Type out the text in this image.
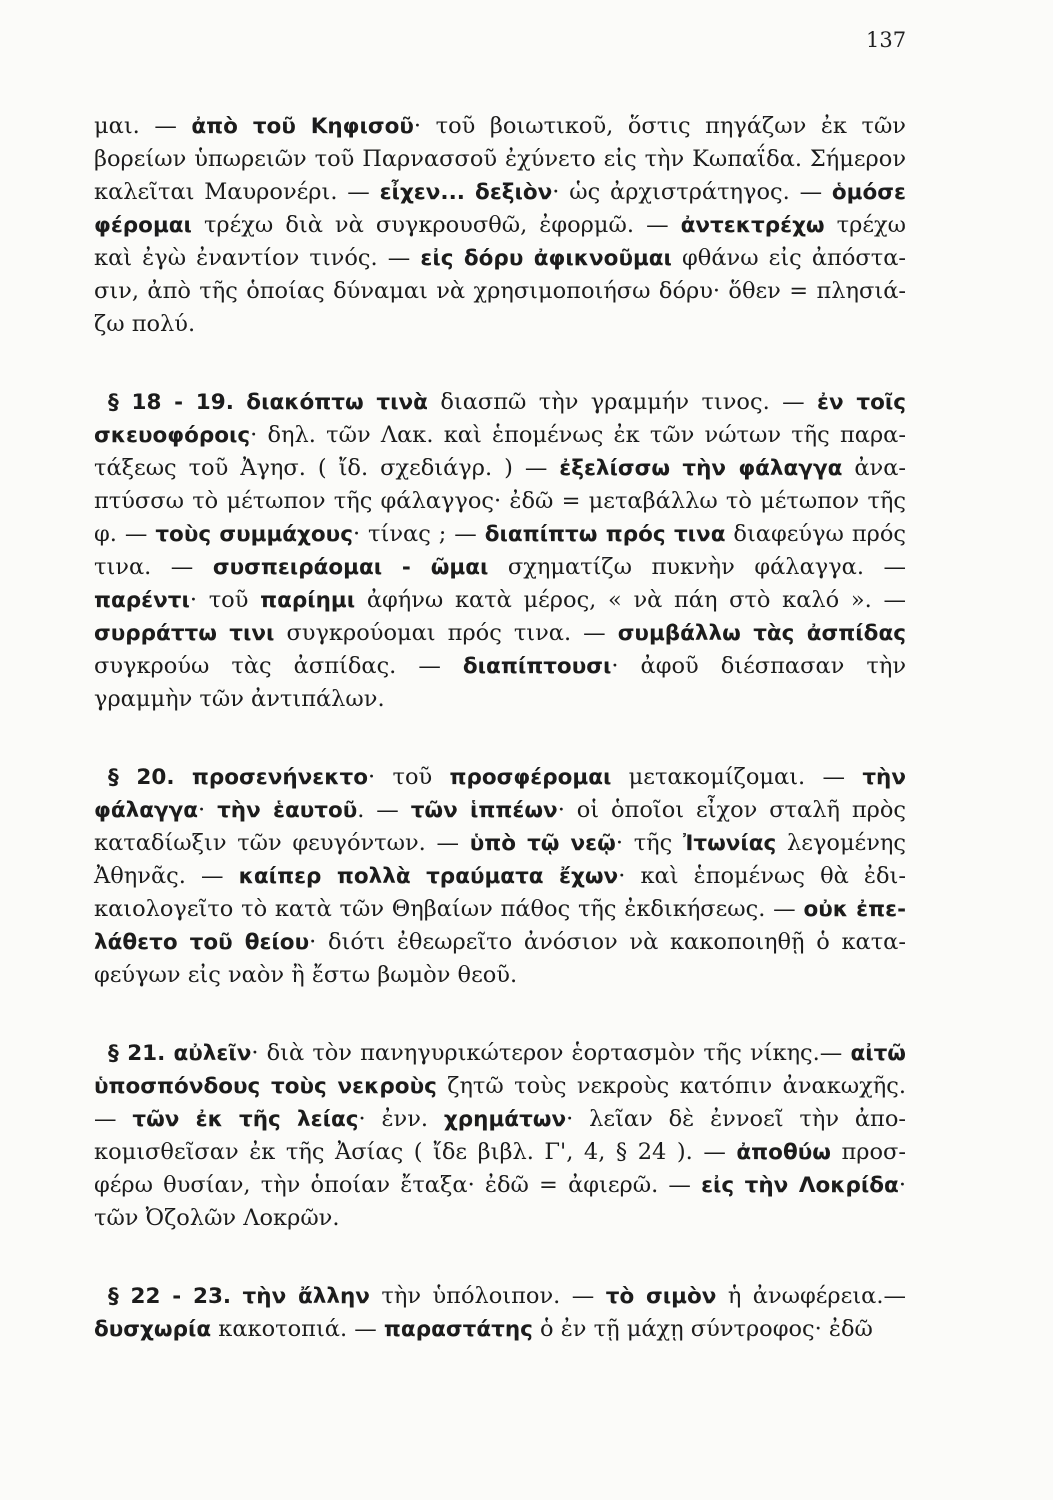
137

μαι. — ἀπὸ τοῦ Κηφισοῦ· τοῦ βοιωτικοῦ, ὅστις πηγάζων ἐκ τῶν βορείων ὑπωρειῶν τοῦ Παρνασσοῦ ἐχύνετο εἰς τὴν Κωπαΐδα. Σήμερον καλεῖται Μαυρονέρι. — εἶχεν... δεξιὸν· ὡς ἀρχιστράτηγος. — ὁμόσε φέρομαι τρέχω διὰ νὰ συγκρουσθῶ, ἐφορμῶ. — ἀντεκτρέχω τρέχω καὶ ἐγὼ ἐναντίον τινός. — εἰς δόρυ ἀφικνοῦμαι φθάνω εἰς ἀπόστασιν, ἀπὸ τῆς ὁποίας δύναμαι νὰ χρησιμοποιήσω δόρυ· ὅθεν = πλησιάζω πολύ.

§ 18 - 19. διακόπτω τινὰ διασπῶ τὴν γραμμήν τινος. — ἐν τοῖς σκευοφόροις· δηλ. τῶν Λακ. καὶ ἑπομένως ἐκ τῶν νώτων τῆς παρατάξεως τοῦ Ἀγησ. ( ἴδ. σχεδιάγρ. ) — ἐξελίσσω τὴν φάλαγγα ἀναπτύσσω τὸ μέτωπον τῆς φάλαγγος· ἐδῶ = μεταβάλλω τὸ μέτωπον τῆς φ. — τοὺς συμμάχους· τίνας ; — διαπίπτω πρός τινα διαφεύγω πρός τινα. — συσπειράομαι - ῶμαι σχηματίζω πυκνὴν φάλαγγα. — παρέντι· τοῦ παρίημι ἀφήνω κατὰ μέρος, « νὰ πάη στὸ καλό ». — συρράττω τινι συγκρούομαι πρός τινα. — συμβάλλω τὰς ἀσπίδας συγκρούω τὰς ἀσπίδας. — διαπίπτουσι· ἀφοῦ διέσπασαν τὴν γραμμὴν τῶν ἀντιπάλων.

§ 20. προσενήνεκτο· τοῦ προσφέρομαι μετακομίζομαι. — τὴν φάλαγγα· τὴν ἑαυτοῦ. — τῶν ἱππέων· οἱ ὁποῖοι εἶχον σταλῆ πρὸς καταδίωξιν τῶν φευγόντων. — ὑπὸ τῷ νεῷ· τῆς Ἰτωνίας λεγομένης Ἀθηνᾶς. — καίπερ πολλὰ τραύματα ἔχων· καὶ ἑπομένως θὰ ἐδικαιολογεῖτο τὸ κατὰ τῶν Θηβαίων πάθος τῆς ἐκδικήσεως. — οὐκ ἐπελάθετο τοῦ θείου· διότι ἐθεωρεῖτο ἀνόσιον νὰ κακοποιηθῇ ὁ καταφεύγων εἰς ναὸν ἢ ἔστω βωμὸν θεοῦ.

§ 21. αὐλεῖν· διὰ τὸν πανηγυρικώτερον ἑορτασμὸν τῆς νίκης.— αἰτῶ ὑποσπόνδους τοὺς νεκροὺς ζητῶ τοὺς νεκροὺς κατόπιν ἀνακωχῆς. — τῶν ἐκ τῆς λείας· ἐνν. χρημάτων· λεῖαν δὲ ἐννοεῖ τὴν ἀποκομισθεῖσαν ἐκ τῆς Ἀσίας ( ἴδε βιβλ. Γ', 4, § 24 ). — ἀποθύω προσφέρω θυσίαν, τὴν ὁποίαν ἔταξα· ἐδῶ = ἀφιερῶ. — εἰς τὴν Λοκρίδα· τῶν Ὀζολῶν Λοκρῶν.

§ 22 - 23. τὴν ἄλλην τὴν ὑπόλοιπον. — τὸ σιμὸν ἡ ἀνωφέρεια.— δυσχωρία κακοτοπιά. — παραστάτης ὁ ἐν τῇ μάχῃ σύντροφος· ἐδῶ
